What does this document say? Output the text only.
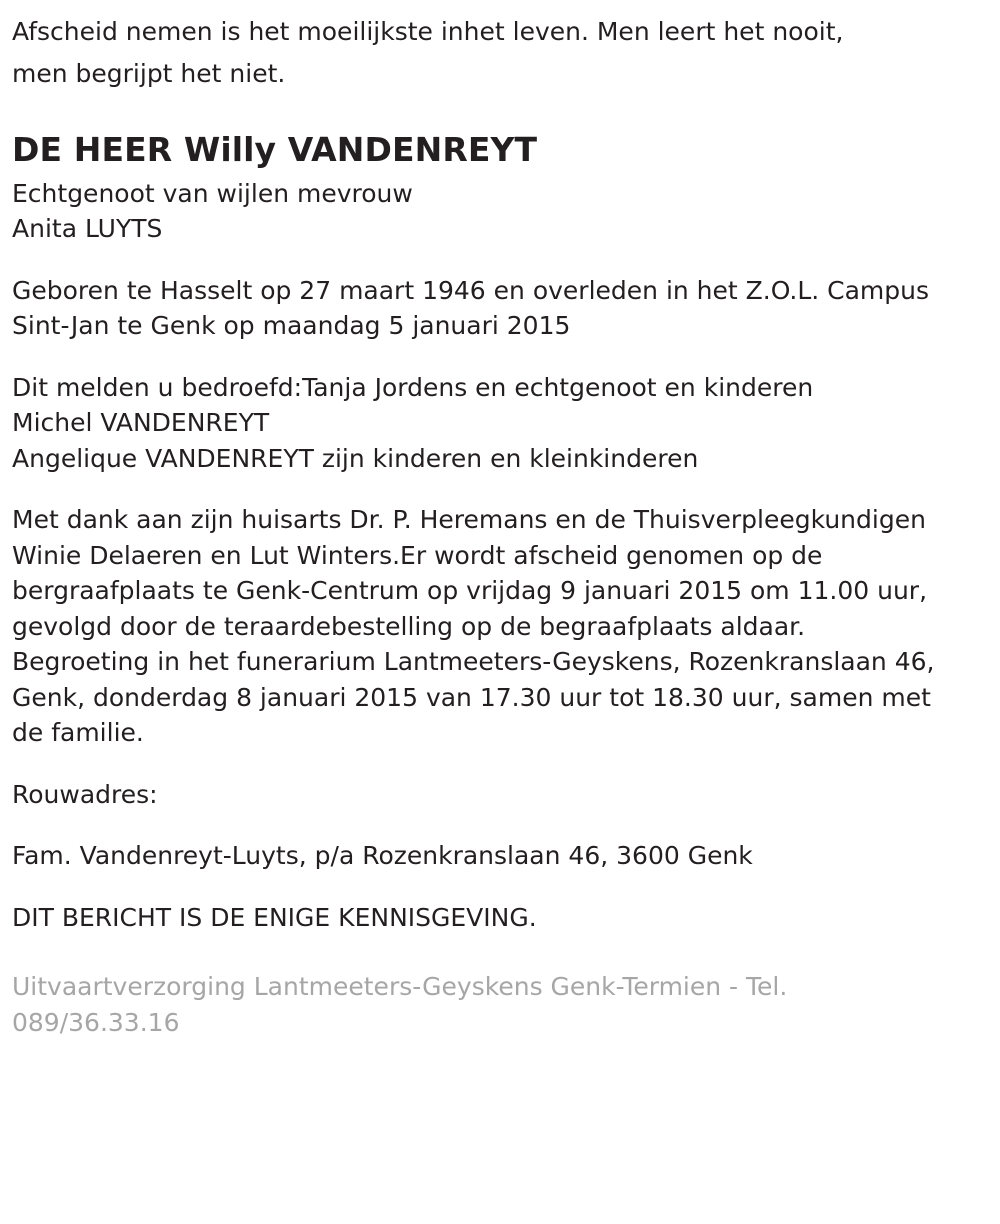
Afscheid nemen is het moeilijkste inhet leven. Men leert het nooit,

men begrijpt het niet.

DE HEER Willy VANDENREYT

Echtgenoot van wijlen mevrouw

Anita LUYTS

Geboren te Hasselt op 27 maart 1946 en overleden in het Z.O.L. Campus

Sint-Jan te Genk op maandag 5 januari 2015

Dit melden u bedroefd:Tanja Jordens en echtgenoot en kinderen

Michel VANDENREYT

Angelique VANDENREYT zijn kinderen en kleinkinderen

Met dank aan zijn huisarts Dr. P. Heremans en de Thuisverpleegkundigen

Winie Delaeren en Lut Winters.Er wordt afscheid genomen op de

bergraafplaats te Genk-Centrum op vrijdag 9 januari 2015 om 11.00 uur,

gevolgd door de teraardebestelling op de begraafplaats aldaar.

Begroeting in het funerarium Lantmeeters-Geyskens, Rozenkranslaan 46,

Genk, donderdag 8 januari 2015 van 17.30 uur tot 18.30 uur, samen met

de familie.

Rouwadres:

Fam. Vandenreyt-Luyts, p/a Rozenkranslaan 46, 3600 Genk

DIT BERICHT IS DE ENIGE KENNISGEVING.

Uitvaartverzorging Lantmeeters-Geyskens Genk-Termien - Tel.

089/36.33.16
